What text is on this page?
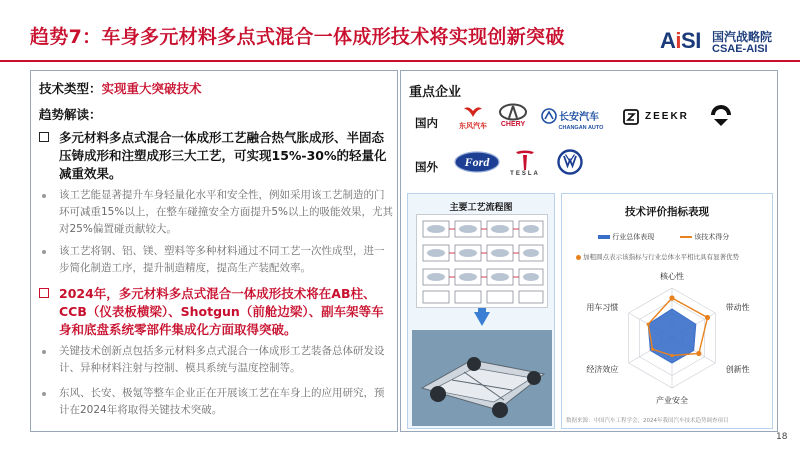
趋势7：车身多元材料多点式混合一体成形技术将实现创新突破	AiSI 国汽战略院
CSAE-AISI
技术类型：实现重大突破技术
趋势解读：
多元材料多点式混合一体成形工艺融合热气胀成形、半固态压铸成形和注塑成形三大工艺，可实现15%-30%的轻量化减重效果。
该工艺能显著提升车身轻量化水平和安全性，例如采用该工艺制造的门环可减重15%以上，在整车碰撞安全方面提升5%以上的吸能效果，尤其对25%偏置碰贡献较大。
该工艺将钢、铝、镁、塑料等多种材料通过不同工艺一次性成型，进一步简化制造工序，提升制造精度，提高生产装配效率。
2024年，多元材料多点式混合一体成形技术将在AB柱、CCB（仪表板横梁）、Shotgun（前舱边梁）、副车架等车身和底盘系统零部件集成化方面取得突破。
关键技术创新点包括多元材料多点式混合一体成形工艺装备总体研发设计、异种材料注射与控制、模具系统与温度控制等。
东风、长安、极氪等整车企业正在开展该工艺在车身上的应用研究，预计在2024年将取得关键技术突破。
重点企业
国内
国外
东风汽车	CHERY
长安汽车
CHANGAN AUTO
ZEEKR
Ford
TESLA
主要工艺流程图	技术评价指标表现
行业总体表现	该技术得分
加粗圆点表示该指标与行业总体水平相比具有显著优势
核心性
带动性
创新性
产业安全
经济效应
用车习惯
数据来源：中国汽车工程学会，2024年我国汽车技术趋势调查项目
18
